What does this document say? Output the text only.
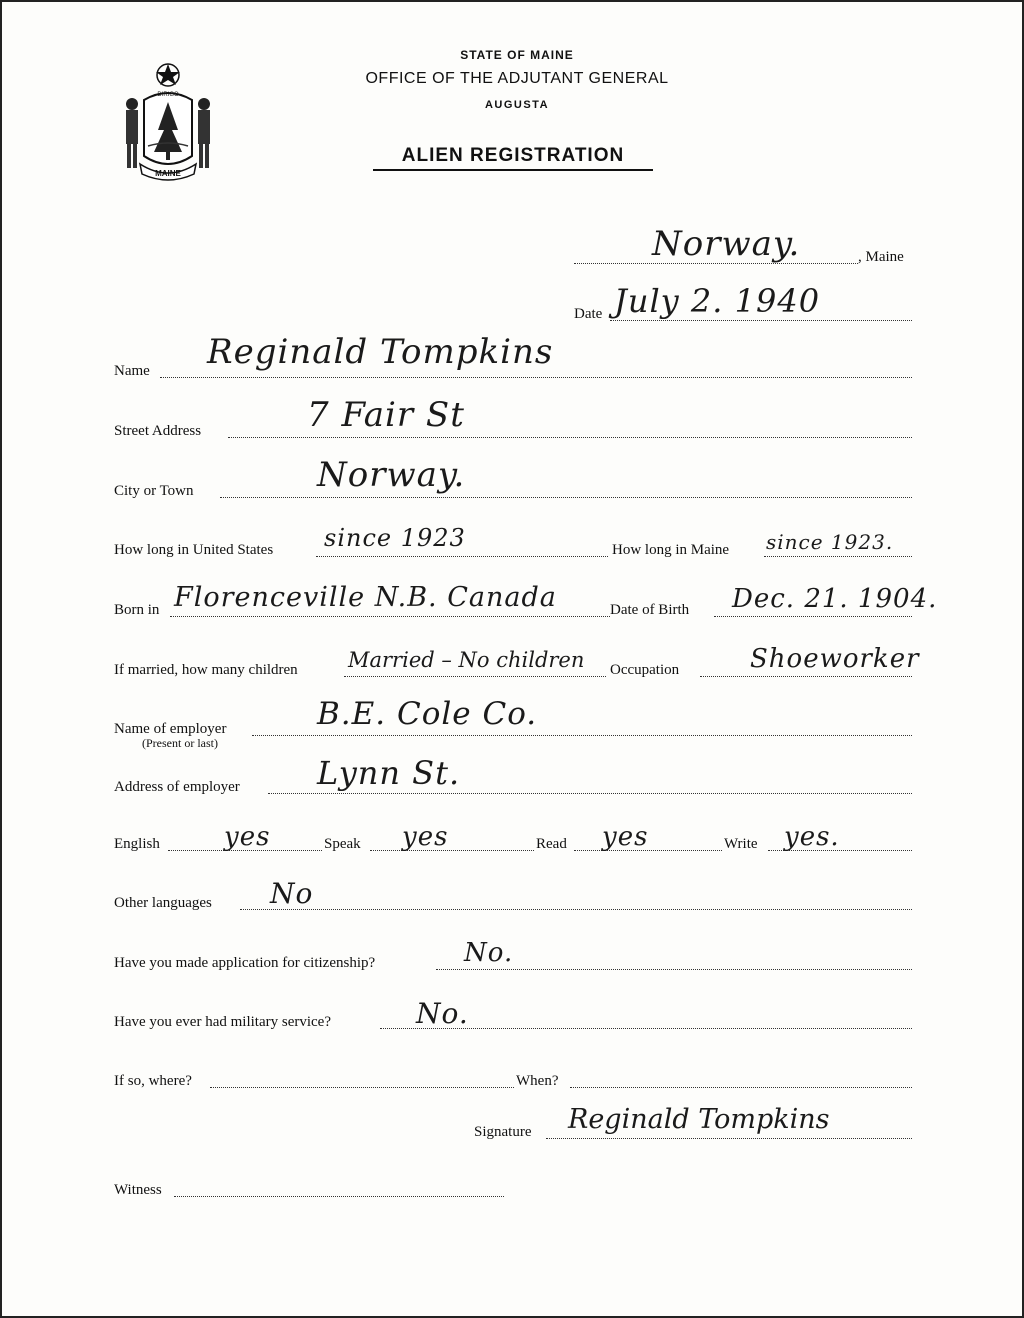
MAINE
DIRIGO
STATE OF MAINE
OFFICE OF THE ADJUTANT GENERAL
AUGUSTA
ALIEN REGISTRATION
Norway.	, Maine
Date July 2. 1940
Name Reginald Tompkins
Street Address	7 Fair St
City or Town	Norway.
How long in United States since 1923	How long in Maine since 1923.
Born in Florenceville N.B. Canada	Date of Birth Dec. 21. 1904.
If married, how many children Married – No children Occupation	Shoeworker
Name of employer
(Present or last)
B.E. Cole Co.
Address of employer Lynn St.
English yes	Speak yes	Read yes	Write yes.
Other languages No
Have you made application for citizenship?	No.
Have you ever had military service?	No.
If so, where?	When?
Signature Reginald Tompkins
Witness
